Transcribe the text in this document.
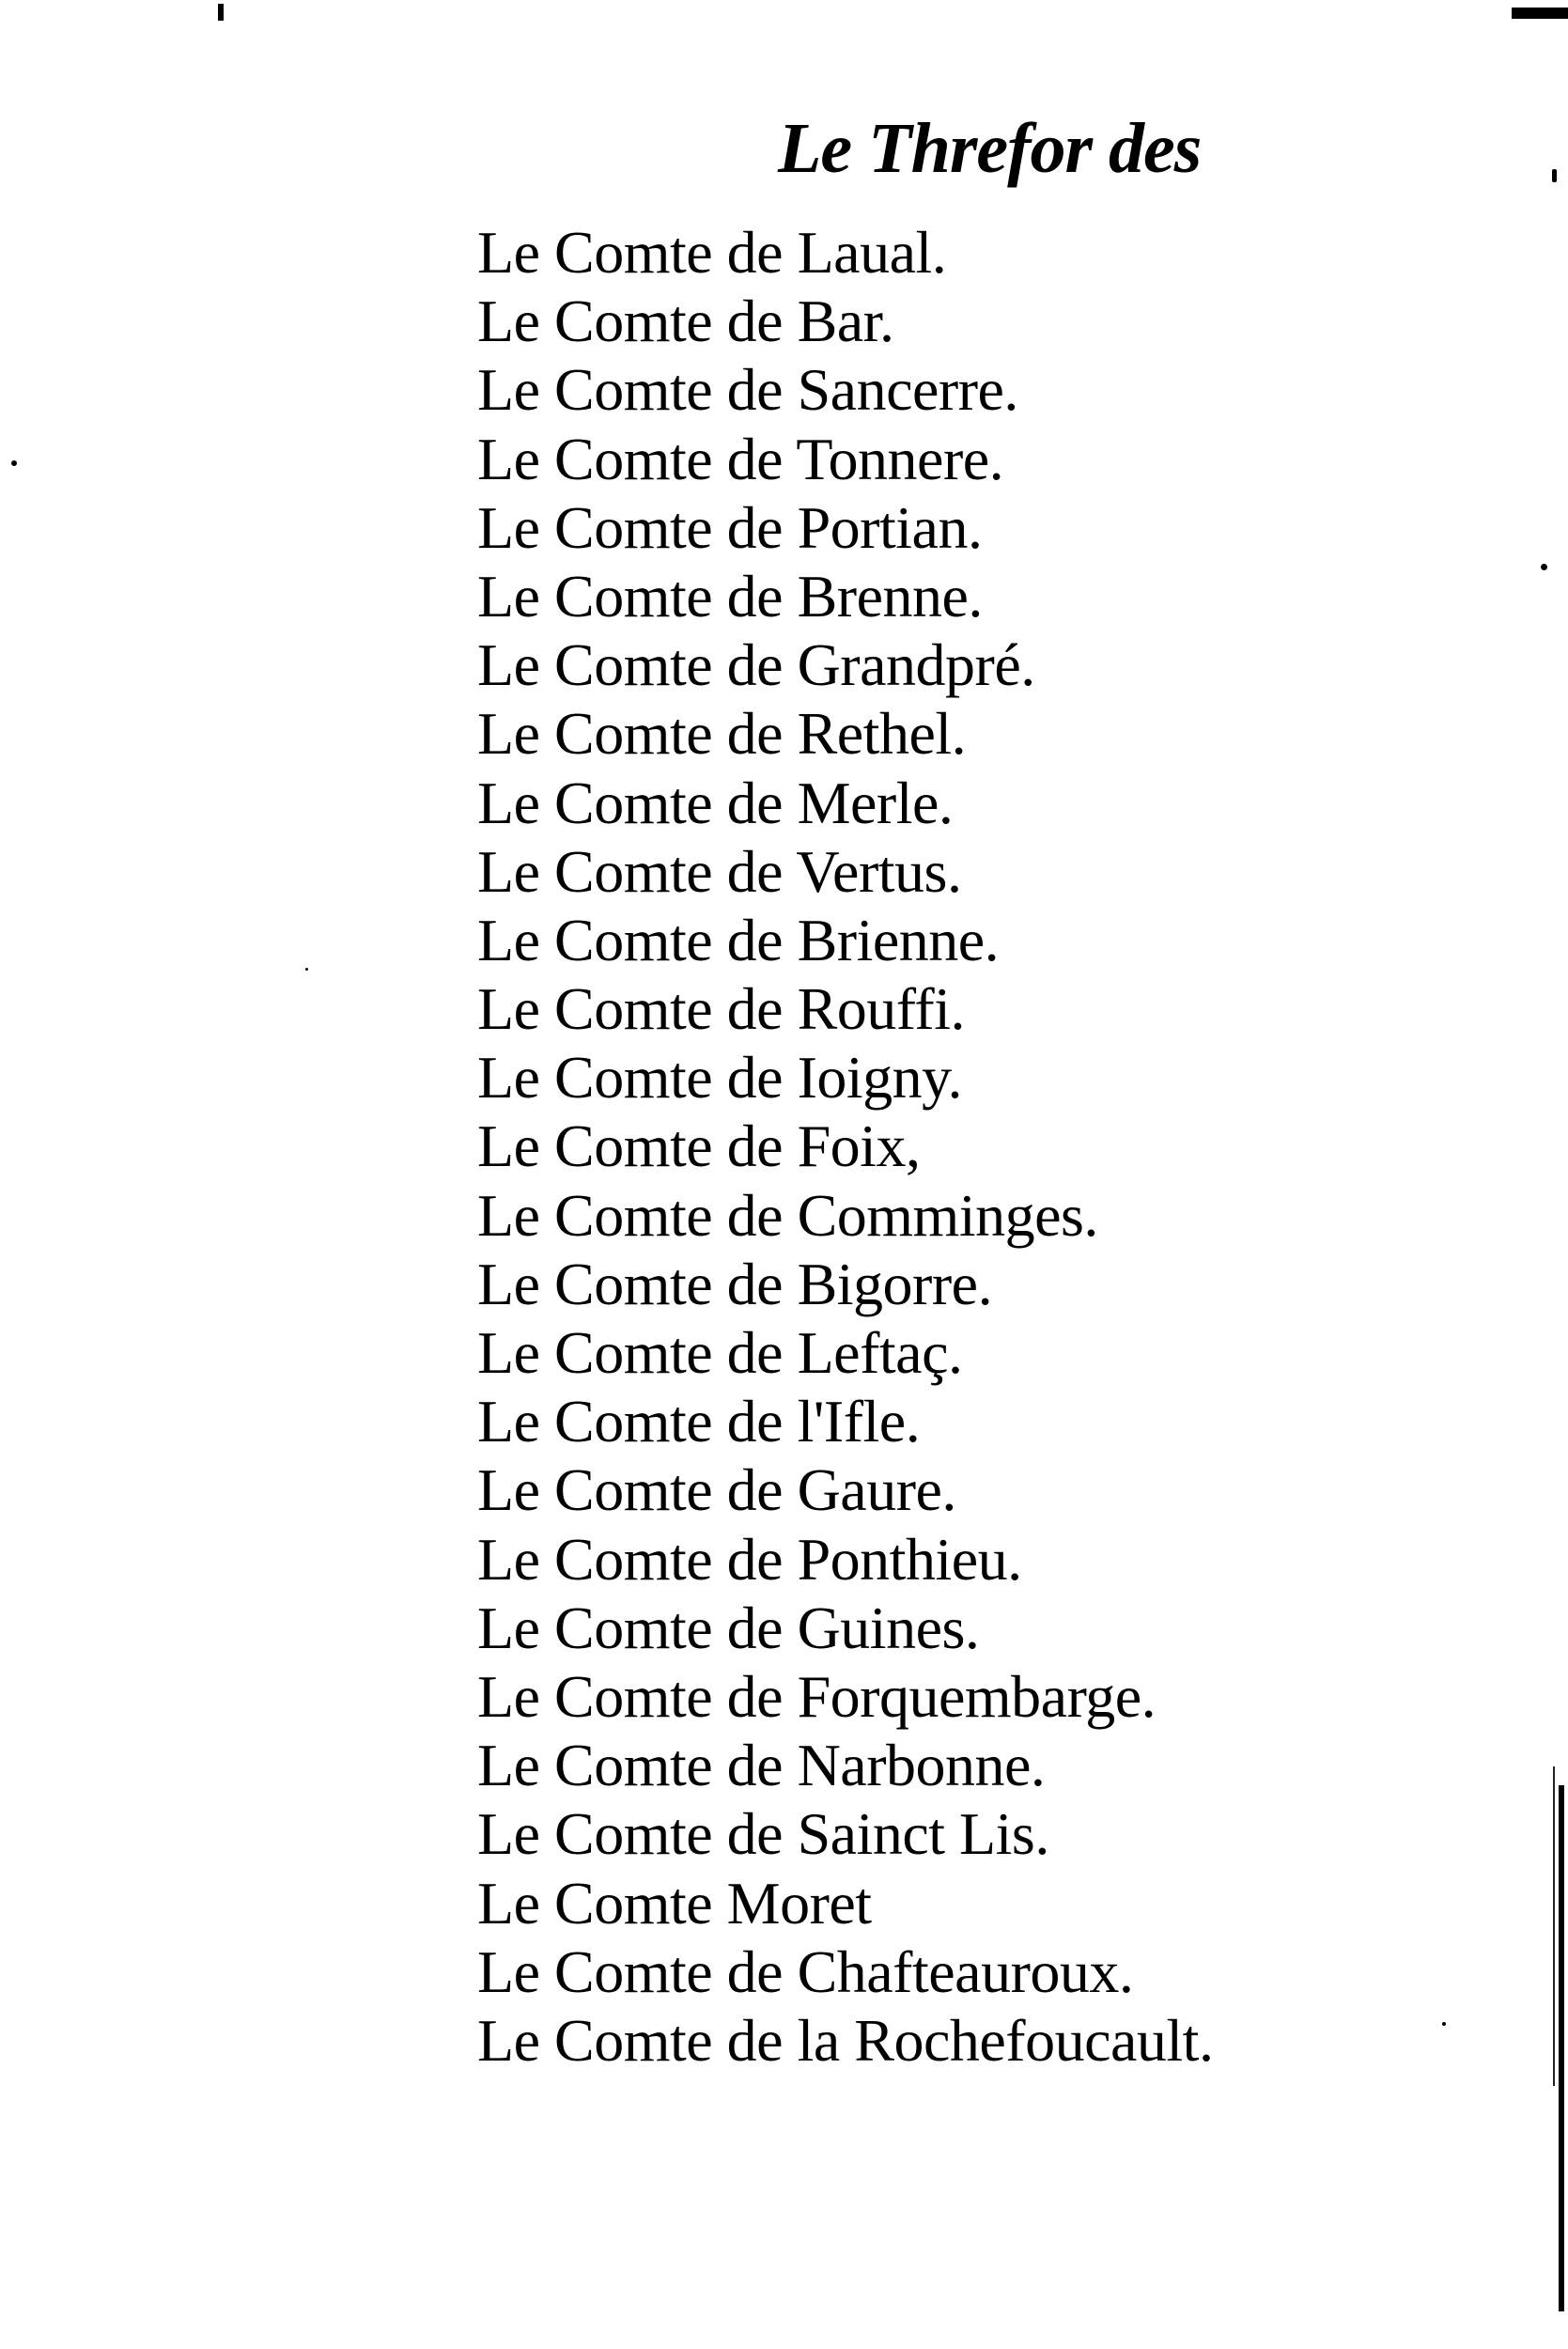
Le Threfor des
Le Comte de Laual.
Le Comte de Bar.
Le Comte de Sancerre.
Le Comte de Tonnere.
Le Comte de Portian.
Le Comte de Brenne.
Le Comte de Grandpré.
Le Comte de Rethel.
Le Comte de Merle.
Le Comte de Vertus.
Le Comte de Brienne.
Le Comte de Rouffi.
Le Comte de Ioigny.
Le Comte de Foix,
Le Comte de Comminges.
Le Comte de Bigorre.
Le Comte de Leftaç.
Le Comte de l'Ifle.
Le Comte de Gaure.
Le Comte de Ponthieu.
Le Comte de Guines.
Le Comte de Forquembarge.
Le Comte de Narbonne.
Le Comte de Sainct Lis.
Le Comte Moret
Le Comte de Chafteauroux.
Le Comte de la Rochefoucault.
